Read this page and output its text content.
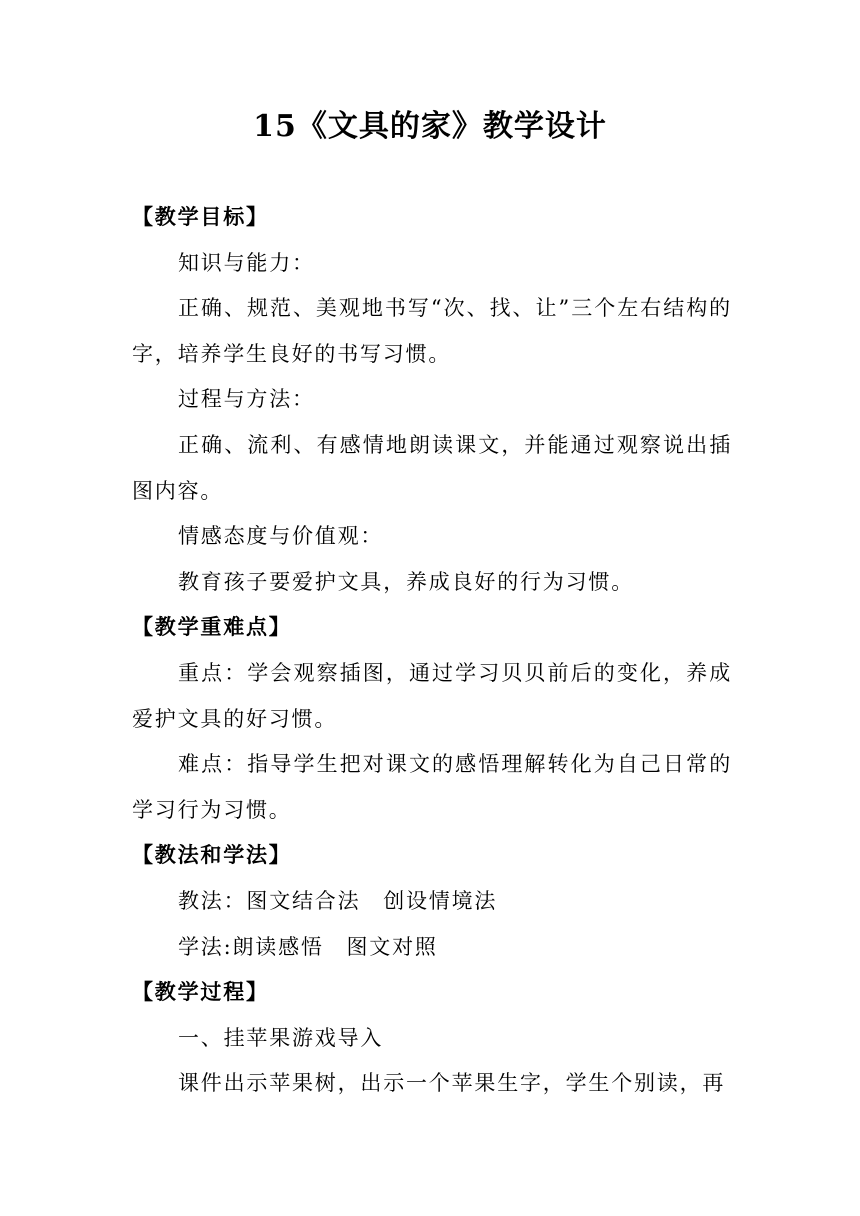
15《文具的家》教学设计
【教学目标】
知识与能力：
正确、规范、美观地书写“次、找、让”三个左右结构的字，培养学生良好的书写习惯。
过程与方法：
正确、流利、有感情地朗读课文，并能通过观察说出插图内容。
情感态度与价值观：
教育孩子要爱护文具，养成良好的行为习惯。
【教学重难点】
重点：学会观察插图，通过学习贝贝前后的变化，养成爱护文具的好习惯。
难点：指导学生把对课文的感悟理解转化为自己日常的学习行为习惯。
【教法和学法】
教法：图文结合法　创设情境法
学法:朗读感悟　图文对照
【教学过程】
一、挂苹果游戏导入
课件出示苹果树，出示一个苹果生字，学生个别读，再
